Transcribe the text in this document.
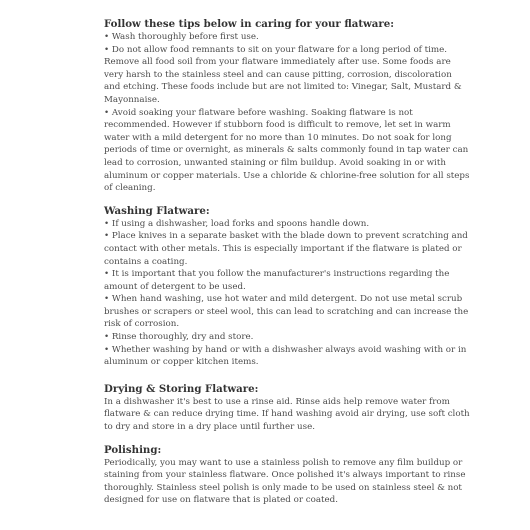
Follow these tips below in caring for your flatware:

• Wash thoroughly before first use.

• Do not allow food remnants to sit on your flatware for a long period of time. Remove all food soil from your flatware immediately after use. Some foods are very harsh to the stainless steel and can cause pitting, corrosion, discoloration and etching. These foods include but are not limited to: Vinegar, Salt, Mustard & Mayonnaise.

• Avoid soaking your flatware before washing. Soaking flatware is not recommended. However if stubborn food is difficult to remove, let set in warm water with a mild detergent for no more than 10 minutes. Do not soak for long periods of time or overnight, as minerals & salts commonly found in tap water can lead to corrosion, unwanted staining or film buildup. Avoid soaking in or with aluminum or copper materials. Use a chloride & chlorine-free solution for all steps of cleaning.

Washing Flatware:

• If using a dishwasher, load forks and spoons handle down.

• Place knives in a separate basket with the blade down to prevent scratching and contact with other metals. This is especially important if the flatware is plated or contains a coating.

• It is important that you follow the manufacturer's instructions regarding the amount of detergent to be used.

• When hand washing, use hot water and mild detergent. Do not use metal scrub brushes or scrapers or steel wool, this can lead to scratching and can increase the risk of corrosion.

• Rinse thoroughly, dry and store.

• Whether washing by hand or with a dishwasher always avoid washing with or in aluminum or copper kitchen items.

Drying & Storing Flatware:

In a dishwasher it's best to use a rinse aid. Rinse aids help remove water from flatware & can reduce drying time. If hand washing avoid air drying, use soft cloth to dry and store in a dry place until further use.

Polishing:

Periodically, you may want to use a stainless polish to remove any film buildup or staining from your stainless flatware. Once polished it's always important to rinse thoroughly. Stainless steel polish is only made to be used on stainless steel & not designed for use on flatware that is plated or coated.
